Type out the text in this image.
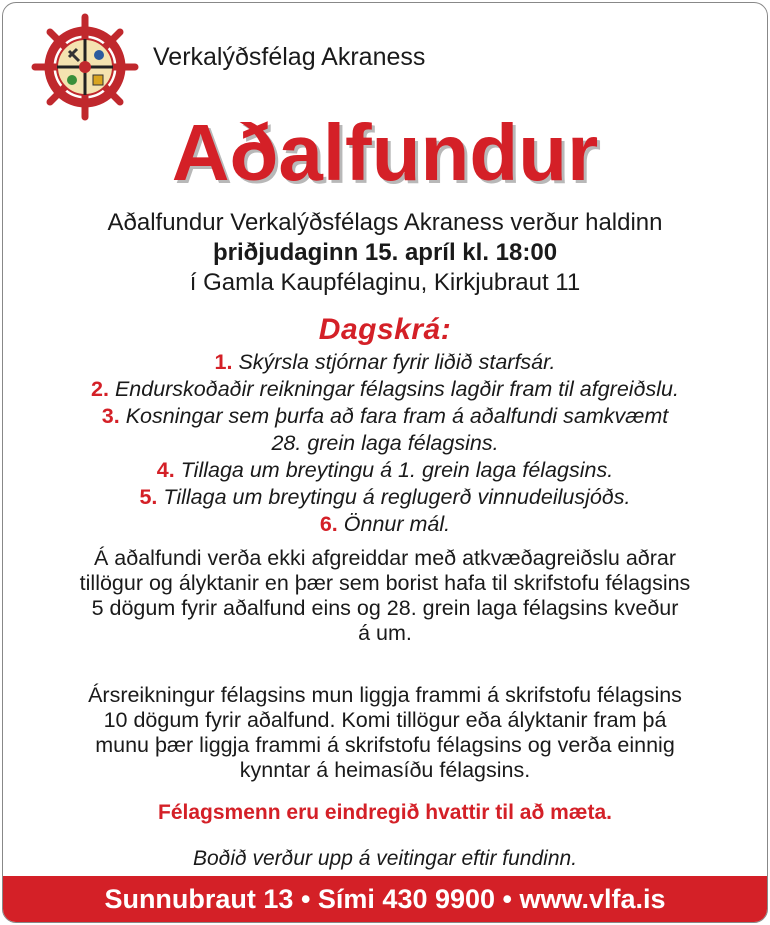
Verkalýðsfélag Akraness
Aðalfundur
Aðalfundur Verkalýðsfélags Akraness verður haldinn
þriðjudaginn 15. apríl kl. 18:00
í Gamla Kaupfélaginu, Kirkjubraut 11
Dagskrá:
1. Skýrsla stjórnar fyrir liðið starfsár.
2. Endurskoðaðir reikningar félagsins lagðir fram til afgreiðslu.
3. Kosningar sem þurfa að fara fram á aðalfundi samkvæmt
28. grein laga félagsins.
4. Tillaga um breytingu á 1. grein laga félagsins.
5. Tillaga um breytingu á reglugerð vinnudeilusjóðs.
6. Önnur mál.
Á aðalfundi verða ekki afgreiddar með atkvæðagreiðslu aðrar
tillögur og ályktanir en þær sem borist hafa til skrifstofu félagsins
5 dögum fyrir aðalfund eins og 28. grein laga félagsins kveður
á um.
Ársreikningur félagsins mun liggja frammi á skrifstofu félagsins
10 dögum fyrir aðalfund. Komi tillögur eða ályktanir fram þá
munu þær liggja frammi á skrifstofu félagsins og verða einnig
kynntar á heimasíðu félagsins.
Félagsmenn eru eindregið hvattir til að mæta.
Boðið verður upp á veitingar eftir fundinn.
Sunnubraut 13 • Sími 430 9900 • www.vlfa.is
